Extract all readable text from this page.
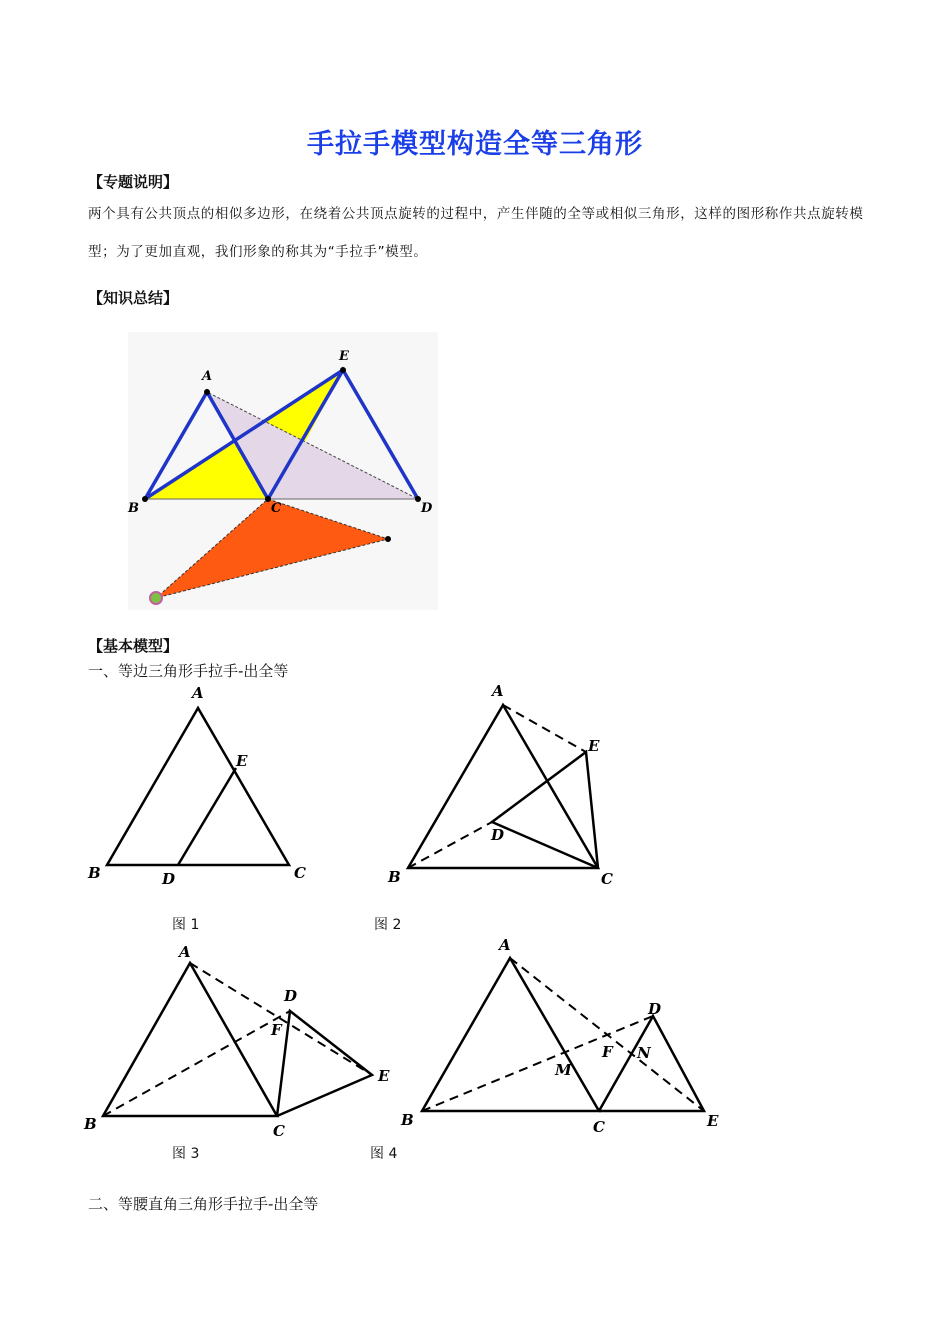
手拉手模型构造全等三角形
【专题说明】
两个具有公共顶点的相似多边形，在绕着公共顶点旋转的过程中，产生伴随的全等或相似三角形，这样的图形称作共点旋转模型；为了更加直观，我们形象的称其为“手拉手”模型。
【知识总结】
A
B	C	D
E
【基本模型】
一、等边三角形手拉手-出全等
A
B	C
D
E
A
B	C
D
E
图 1	图 2
A
B	C
D
E
F
A
B	C
D
E
F
M
N
图 3	图 4
二、等腰直角三角形手拉手-出全等
